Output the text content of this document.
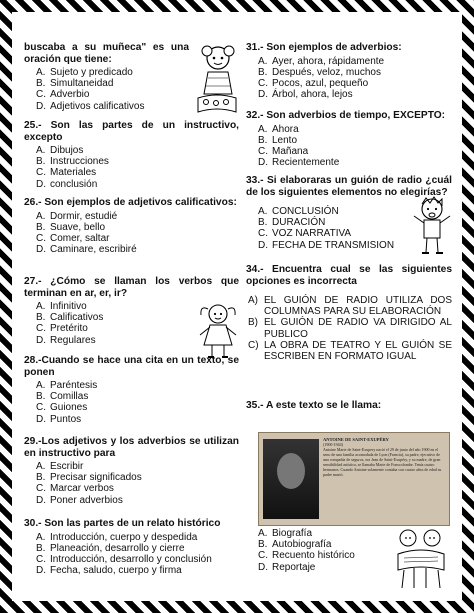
buscaba a su muñeca" es una oración que tiene:
A. Sujeto y predicado
B. Simultaneidad
C. Adverbio
D. Adjetivos calificativos
25.- Son las partes de un instructivo, excepto
A. Dibujos
B. Instrucciones
C. Materiales
D. conclusión
26.- Son ejemplos de adjetivos calificativos:
A. Dormir, estudié
B. Suave, bello
C. Comer, saltar
D. Caminare, escribiré
27.- ¿Cómo se llaman los verbos que terminan en ar, er, ir?
A. Infinitivo
B. Calificativos
C. Pretérito
D. Regulares
28.-Cuando se hace una cita en un texto, se ponen
A. Paréntesis
B. Comillas
C. Guiones
D. Puntos
29.-Los adjetivos y los adverbios se utilizan en instructivo para
A. Escribir
B. Precisar significados
C. Marcar verbos
D. Poner adverbios
30.- Son las partes de un relato histórico
A. Introducción, cuerpo y despedida
B. Planeación, desarrollo y cierre
C. Introducción, desarrollo y conclusión
D. Fecha, saludo, cuerpo y firma
31.- Son ejemplos de adverbios:
A. Ayer, ahora, rápidamente
B. Después, veloz, muchos
C. Pocos, azul, pequeño
D. Árbol, ahora, lejos
32.- Son adverbios de tiempo, EXCEPTO:
A. Ahora
B. Lento
C. Mañana
D. Recientemente
33.- Si elaboraras un guión de radio ¿cuál de los siguientes elementos no elegirías?
A. CONCLUSIÓN
B. DURACIÓN
C. VOZ NARRATIVA
D. FECHA DE TRANSMISION
34.- Encuentra cual se las siguientes opciones es incorrecta
A) EL GUIÓN DE RADIO UTILIZA DOS COLUMNAS PARA SU ELABORACIÓN
B) EL GUIÓN DE RADIO VA DIRIGIDO AL PUBLICO
C) LA OBRA DE TEATRO Y EL GUIÓN SE ESCRIBEN EN FORMATO IGUAL
35.- A este texto se le llama:
ANTOINE DE SAINT-EXUPÉRY
(1900-1944)
Antoine Marie de Saint-Exupery nació el 29 de junio del año 1900 en el seno de una familia acomodada de Lyon (Francia), su padre, ejecutivo de una compañía de seguros, era Jean de Saint-Exupéry, y su madre, de gran sensibilidad artística, se llamaba Marie de Fonscolombe. Tenía cuatro hermanos. Cuando Antoine solamente contaba con cuatro años de edad su padre murió.
A. Biografía
B. Autobiografía
C. Recuento histórico
D. Reportaje
